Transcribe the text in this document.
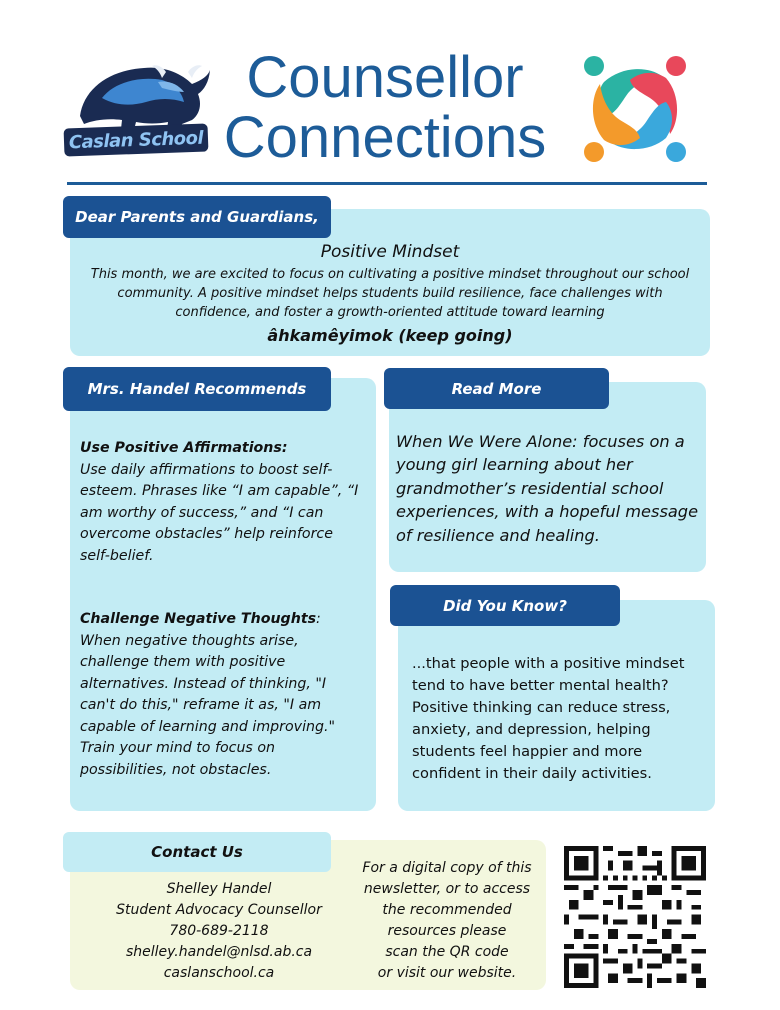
Caslan School
Counsellor
Connections
Dear Parents and Guardians,
Positive Mindset
This month, we are excited to focus on cultivating a positive mindset throughout our school community. A positive mindset helps students build resilience, face challenges with confidence, and foster a growth-oriented attitude toward learning
âhkamêyimok (keep going)
Mrs. Handel Recommends
Use Positive Affirmations:
Use daily affirmations to boost self-esteem. Phrases like “I am capable”, “I am worthy of success,” and “I can overcome obstacles” help reinforce self-belief.
Challenge Negative Thoughts:
When negative thoughts arise, challenge them with positive alternatives. Instead of thinking, "I can't do this," reframe it as, "I am capable of learning and improving." Train your mind to focus on possibilities, not obstacles.
Read More
When We Were Alone: focuses on a young girl learning about her grandmother’s residential school experiences, with a hopeful message of resilience and healing.
Did You Know?
...that people with a positive mindset tend to have better mental health? Positive thinking can reduce stress, anxiety, and depression, helping students feel happier and more confident in their daily activities.
Contact Us
Shelley Handel
Student Advocacy Counsellor
780-689-2118
shelley.handel@nlsd.ab.ca
caslanschool.ca
For a digital copy of this
newsletter, or to access
the recommended
resources please
scan the QR code
or visit our website.
